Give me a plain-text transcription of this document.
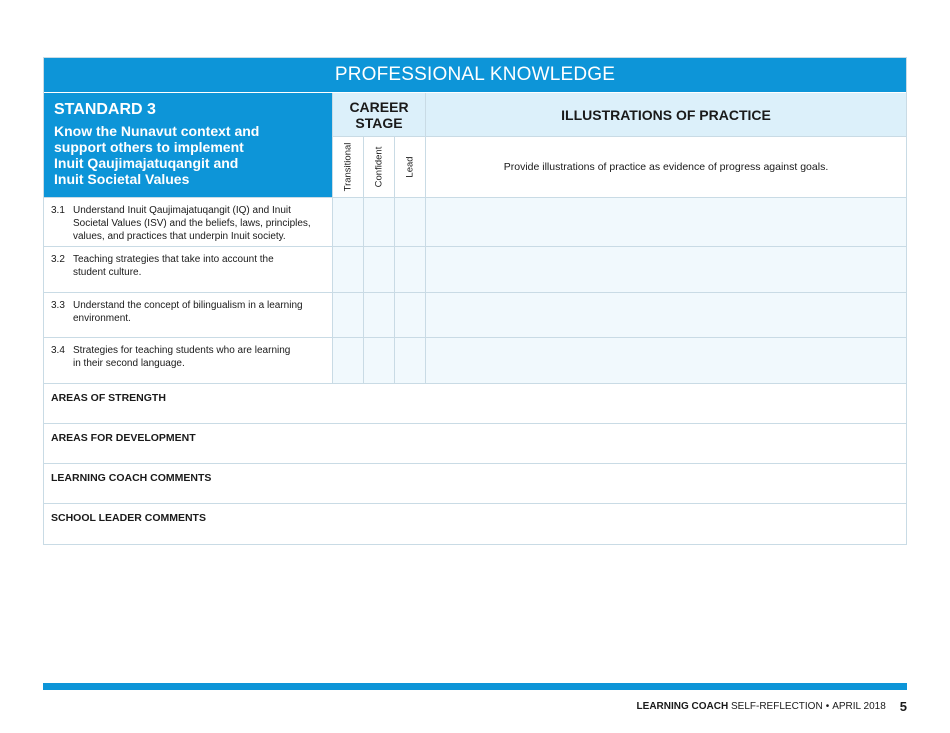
PROFESSIONAL KNOWLEDGE
STANDARD 3
Know the Nunavut context and
support others to implement
Inuit Qaujimajatuqangit and
Inuit Societal Values
CAREER
STAGE	ILLUSTRATIONS OF PRACTICE
Transitional Confident Lead	Provide illustrations of practice as evidence of progress against goals.
3.1 Understand Inuit Qaujimajatuqangit (IQ) and Inuit
Societal Values (ISV) and the beliefs, laws, principles,
values, and practices that underpin Inuit society.
3.2 Teaching strategies that take into account the
student culture.
3.3 Understand the concept of bilingualism in a learning
environment.
3.4 Strategies for teaching students who are learning
in their second language.
AREAS OF STRENGTH
AREAS FOR DEVELOPMENT
LEARNING COACH COMMENTS
SCHOOL LEADER COMMENTS
LEARNING COACH
SELF-REFLECTION • APRIL 2018 5
